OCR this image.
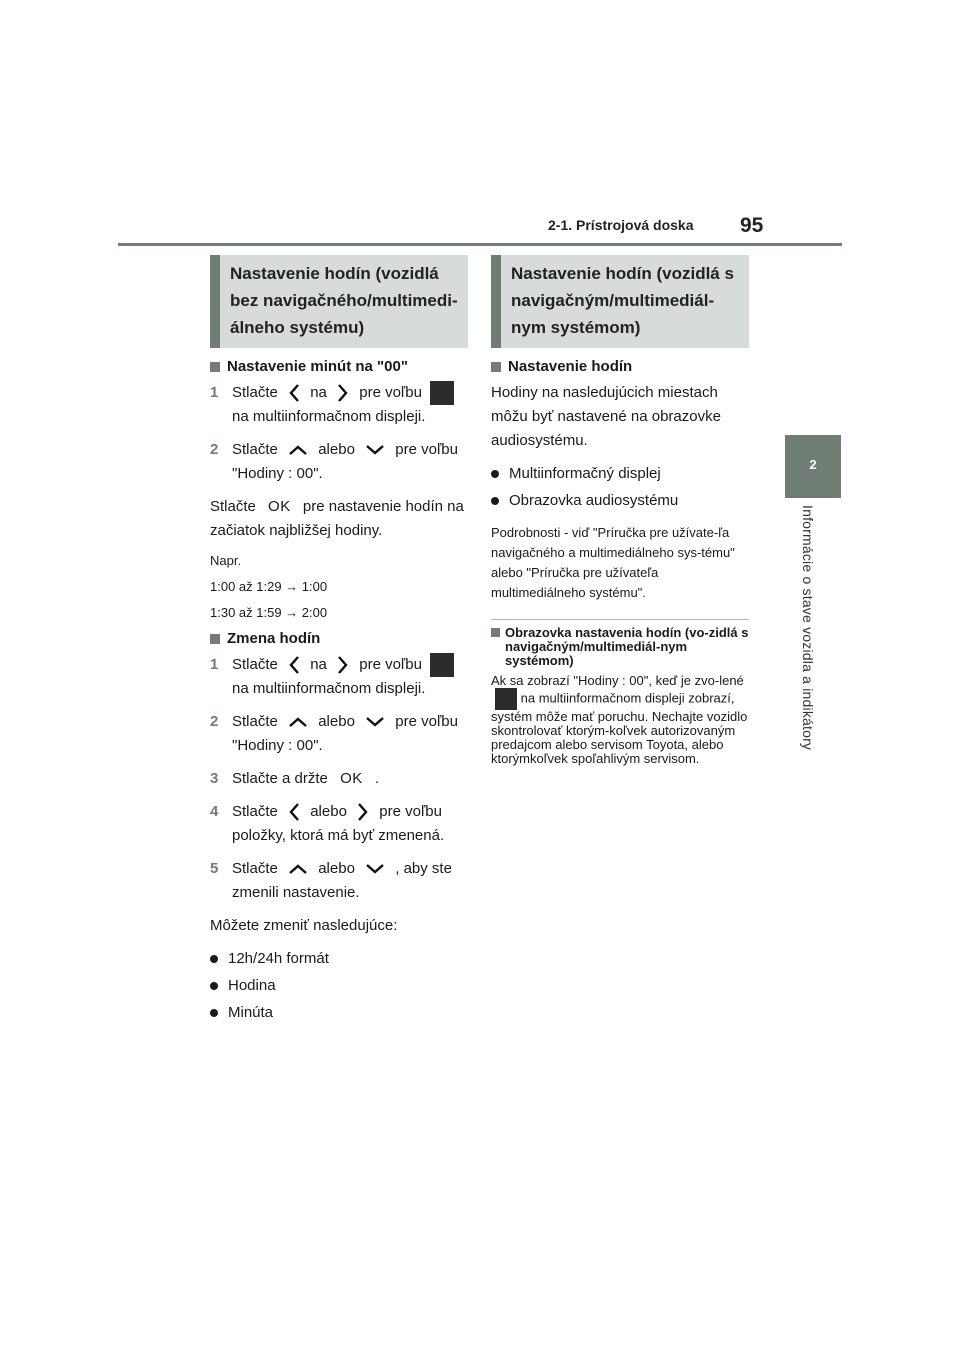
2-1. Prístrojová doska 95
2
Informácie o stave vozidla a indikátory
Nastavenie hodín (vozidlá bez navigačného/multimedi-álneho systému)
Nastavenie minút na "00"
1 Stlačte na pre voľbu
na multiinformačnom displeji.
2 Stlačte	alebo	pre voľbu
"Hodiny : 00".

Stlačte OK pre nastavenie hodín na začiatok najbližšej hodiny.

Napr.

1:00 až 1:29 → 1:00

1:30 až 1:59 → 2:00

Zmena hodín
1 Stlačte na pre voľbu
na multiinformačnom displeji.
2 Stlačte	alebo	pre voľbu
"Hodiny : 00".
3 Stlačte a držte OK .
4 Stlačte alebo pre voľbu
položky, ktorá má byť zmenená.
5 Stlačte	alebo	, aby ste
zmenili nastavenie.

Môžete zmeniť nasledujúce:

12h/24h formát
Hodina
Minúta
Nastavenie hodín (vozidlá s navigačným/multimediál-nym systémom)
Nastavenie hodín

Hodiny na nasledujúcich miestach môžu byť nastavené na obrazovke audiosystému.

Multiinformačný displej
Obrazovka audiosystému

Podrobnosti - viď "Príručka pre užívate-ľa navigačného a multimediálneho sys-tému" alebo "Príručka pre užívateľa multimediálneho systému".

Obrazovka nastavenia hodín (vo-zidlá s navigačným/multimediál-nym systémom)
Ak sa zobrazí "Hodiny : 00", keď je zvo-lené  na multiinformačnom displeji zobrazí, systém môže mať poruchu. Nechajte vozidlo skontrolovať ktorým-koľvek autorizovaným predajcom alebo servisom Toyota, alebo ktorýmkoľvek spoľahlivým servisom.
